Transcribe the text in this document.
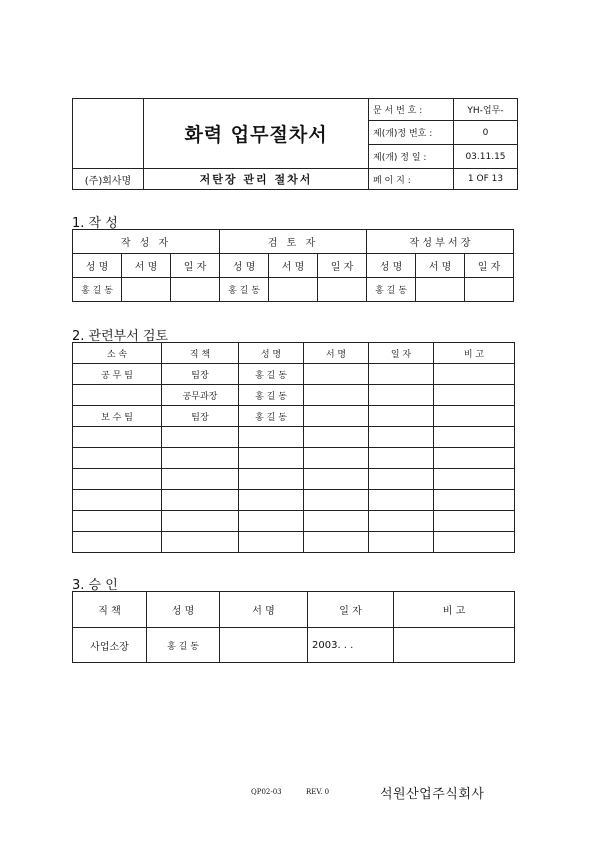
	화력 업무절차서	문 서 번 호 :	YH-업무-
		제(개)정 번호 :	0
		제(개) 정 일 :	03.11.15
(주)회사명	저탄장 관리 절차서	페 이 지 :	1 OF 13
1. 작 성
작 성 자			검 토 자			작 성 부 서 장		
성 명	서 명	일 자	성 명	서 명	일 자	성 명	서 명	일 자
홍 길 동			홍 길 동			홍 길 동		
2. 관련부서 검토
소 속	직 책	성 명	서 명	일 자	비 고
공 무 팀	팀장	홍 길 동			
	공무과장	홍 길 동			
보 수 팀	팀장	홍 길 동			

3. 승 인
직 책	성 명	서 명	일 자	비 고
사업소장	홍 길 동		2003. . .	
QP02-03	REV. 0	석원산업주식회사
